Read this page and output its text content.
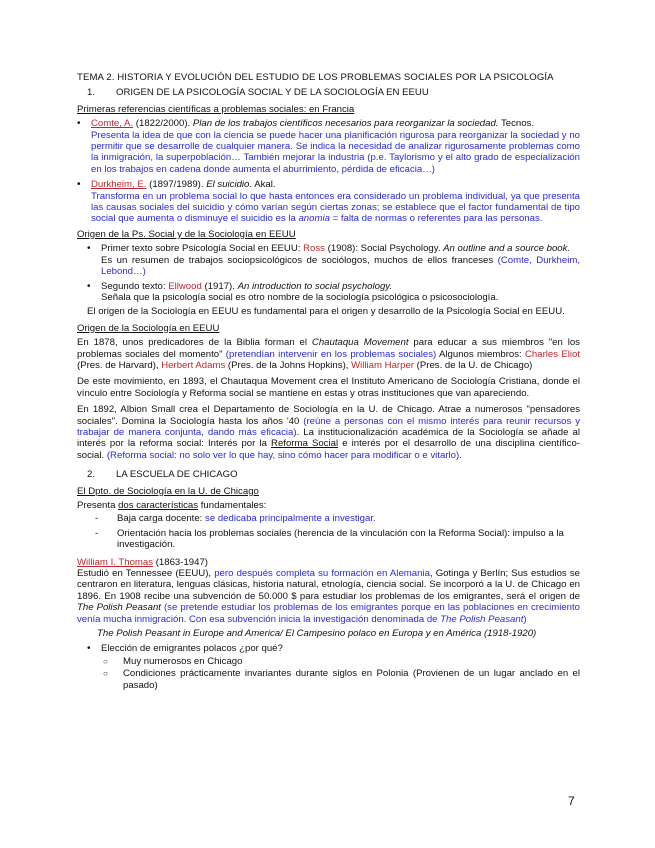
TEMA 2. HISTORIA Y EVOLUCIÓN DEL ESTUDIO DE LOS PROBLEMAS SOCIALES POR LA PSICOLOGÍA
1.	ORIGEN DE LA PSICOLOGÍA SOCIAL Y DE LA SOCIOLOGÍA EN EEUU
Primeras referencias científicas a problemas sociales: en Francia
•	Comte, A. (1822/2000). Plan de los trabajos científicos necesarios para reorganizar la sociedad. Tecnos.
Presenta la idea de que con la ciencia se puede hacer una planificación rigurosa para reorganizar la sociedad y no permitir que se desarrolle de cualquier manera. Se indica la necesidad de analizar rigurosamente problemas como la inmigración, la superpoblación… También mejorar la industria (p.e. Taylorismo y el alto grado de especialización en los trabajos en cadena donde aumenta el aburrimiento, pérdida de eficacia…)
•	Durkheim, E. (1897/1989). El suicidio. Akal.
Transforma en un problema social lo que hasta entonces era considerado un problema individual, ya que presenta las causas sociales del suicidio y cómo varían según ciertas zonas; se establece que el factor fundamental de tipo social que aumenta o disminuye el suicidio es la anomia = falta de normas o referentes para las personas.
Origen de la Ps. Social y de la Sociología en EEUU
•	Primer texto sobre Psicología Social en EEUU: Ross (1908): Social Psychology. An outline and a source book.
Es un resumen de trabajos sociopsicológicos de sociólogos, muchos de ellos franceses (Comte, Durkheim, Lebond…)
•	Segundo texto: Ellwood (1917). An introduction to social psychology.
Señala que la psicología social es otro nombre de la sociología psicológica o psicosociología.
El origen de la Sociología en EEUU es fundamental para el origen y desarrollo de la Psicología Social en EEUU.
Origen de la Sociología en EEUU
En 1878, unos predicadores de la Biblia forman el Chautaqua Movement para educar a sus miembros "en los problemas sociales del momento" (pretendían intervenir en los problemas sociales) Algunos miembros: Charles Eliot (Pres. de Harvard), Herbert Adams (Pres. de la Johns Hopkins), William Harper (Pres. de la U. de Chicago)
De este movimiento, en 1893, el Chautaqua Movement crea el Instituto Americano de Sociología Cristiana, donde el vínculo entre Sociología y Reforma social se mantiene en estas y otras instituciones que van apareciendo.
En 1892, Albion Small crea el Departamento de Sociología en la U. de Chicago. Atrae a numerosos "pensadores sociales". Domina la Sociología hasta los años '40 (reúne a personas con el mismo interés para reunir recursos y trabajar de manera conjunta, dando más eficacia). La institucionalización académica de la Sociología se añade al interés por la reforma social: Interés por la Reforma Social e interés por el desarrollo de una disciplina científico-social. (Reforma social: no solo ver lo que hay, sino cómo hacer para modificar o e vitarlo).
2.	LA ESCUELA DE CHICAGO
El Dpto. de Sociología en la U. de Chicago
Presenta dos características fundamentales:
-	Baja carga docente: se dedicaba principalmente a investigar.
-	Orientación hacia los problemas sociales (herencia de la vinculación con la Reforma Social): impulso a la investigación.
William I. Thomas (1863-1947)
Estudió en Tennessee (EEUU), pero después completa su formación en Alemania, Gotinga y Berlín; Sus estudios se centraron en literatura, lenguas clásicas, historia natural, etnología, ciencia social. Se incorporó a la U. de Chicago en 1896. En 1908 recibe una subvención de 50.000 $ para estudiar los problemas de los emigrantes, será el origen de The Polish Peasant (se pretende estudiar los problemas de los emigrantes porque en las poblaciones en crecimiento venía mucha inmigración. Con esa subvención inicia la investigación denominada de The Polish Peasant)
The Polish Peasant in Europe and America/ El Campesino polaco en Europa y en América (1918-1920)
•	Elección de emigrantes polacos ¿por qué?
○	Muy numerosos en Chicago
○	Condiciones prácticamente invariantes durante siglos en Polonia (Provienen de un lugar anclado en el pasado)
7
